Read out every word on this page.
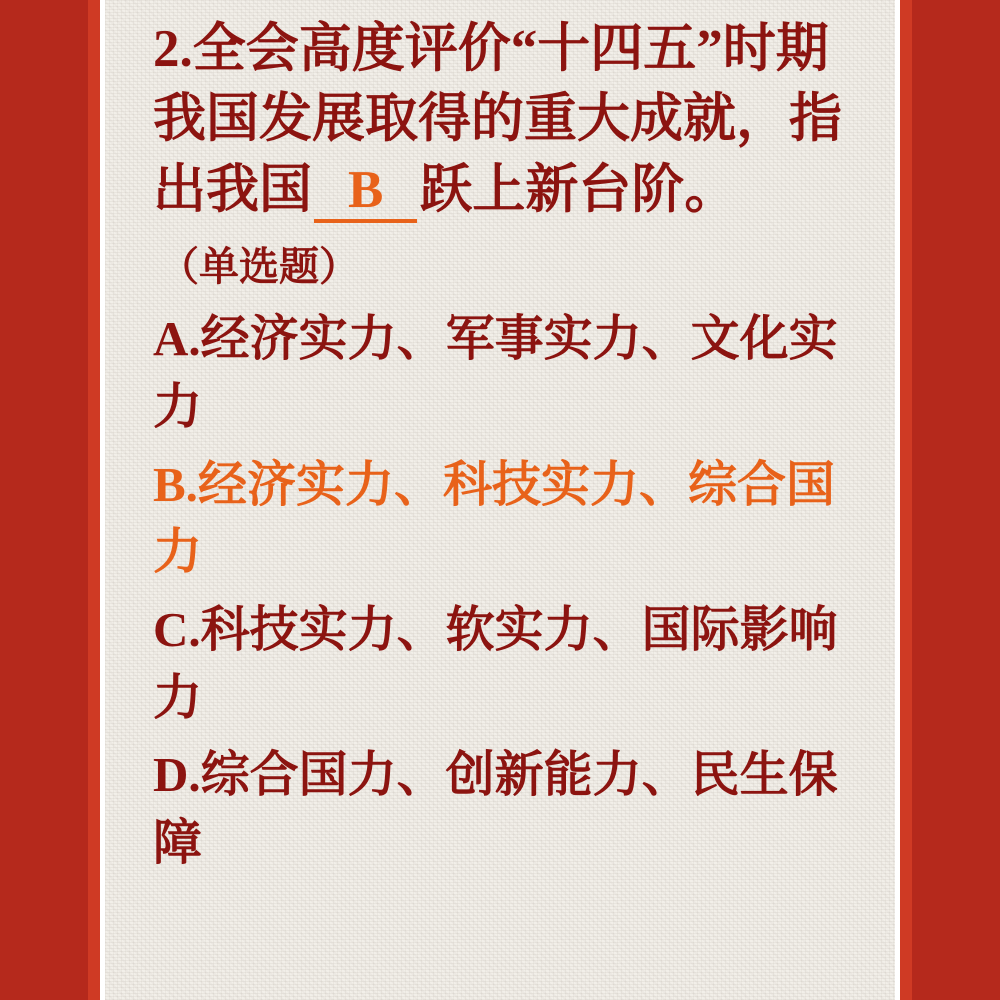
2.全会高度评价“十四五”时期我国发展取得的重大成就，指出我国 B 跃上新台阶。

（单选题）
A.经济实力、军事实力、文化实力
B.经济实力、科技实力、综合国力
C.科技实力、软实力、国际影响力
D.综合国力、创新能力、民生保障
